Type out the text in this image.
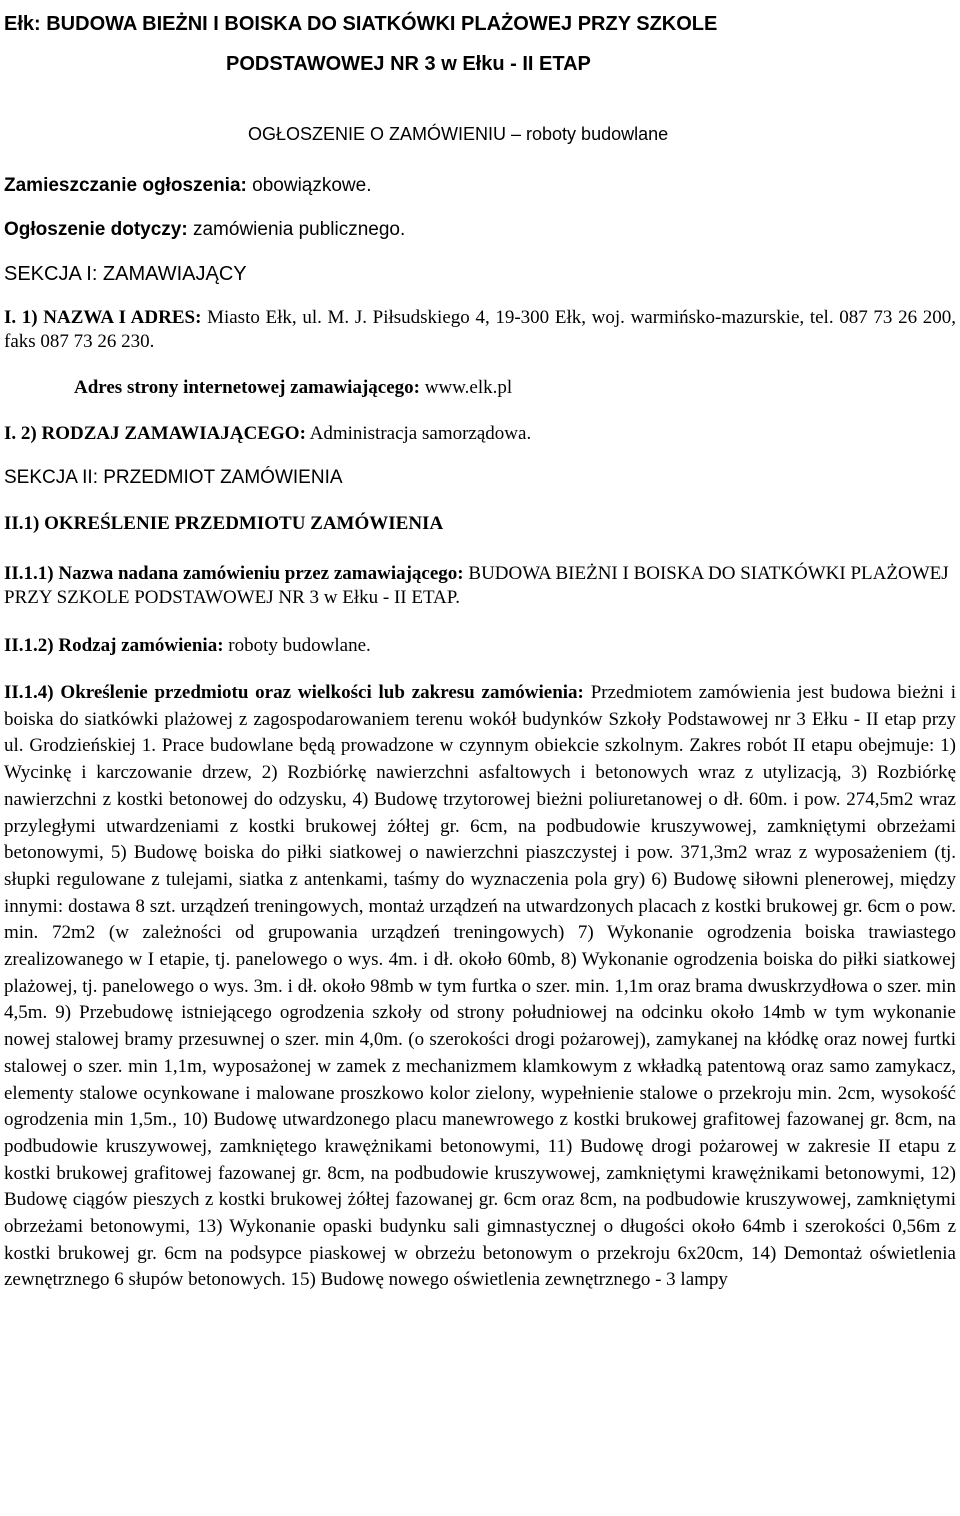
Ełk: BUDOWA BIEŻNI I BOISKA DO SIATKÓWKI PLAŻOWEJ PRZY SZKOLE
PODSTAWOWEJ NR 3 w Ełku - II ETAP

OGŁOSZENIE O ZAMÓWIENIU – roboty budowlane

Zamieszczanie ogłoszenia: obowiązkowe.

Ogłoszenie dotyczy: zamówienia publicznego.

SEKCJA I: ZAMAWIAJĄCY

I. 1) NAZWA I ADRES: Miasto Ełk, ul. M. J. Piłsudskiego 4, 19-300 Ełk, woj. warmińsko-mazurskie, tel. 087 73 26 200, faks 087 73 26 230.

Adres strony internetowej zamawiającego: www.elk.pl

I. 2) RODZAJ ZAMAWIAJĄCEGO: Administracja samorządowa.

SEKCJA II: PRZEDMIOT ZAMÓWIENIA

II.1) OKREŚLENIE PRZEDMIOTU ZAMÓWIENIA

II.1.1) Nazwa nadana zamówieniu przez zamawiającego: BUDOWA BIEŻNI I BOISKA DO SIATKÓWKI PLAŻOWEJ PRZY SZKOLE PODSTAWOWEJ NR 3 w Ełku - II ETAP.

II.1.2) Rodzaj zamówienia: roboty budowlane.

II.1.4) Określenie przedmiotu oraz wielkości lub zakresu zamówienia: Przedmiotem zamówienia jest budowa bieżni i boiska do siatkówki plażowej z zagospodarowaniem terenu wokół budynków Szkoły Podstawowej nr 3 Ełku - II etap przy ul. Grodzieńskiej 1. Prace budowlane będą prowadzone w czynnym obiekcie szkolnym. Zakres robót II etapu obejmuje: 1) Wycinkę i karczowanie drzew, 2) Rozbiórkę nawierzchni asfaltowych i betonowych wraz z utylizacją, 3) Rozbiórkę nawierzchni z kostki betonowej do odzysku, 4) Budowę trzytorowej bieżni poliuretanowej o dł. 60m. i pow. 274,5m2 wraz przyległymi utwardzeniami z kostki brukowej żółtej gr. 6cm, na podbudowie kruszywowej, zamkniętymi obrzeżami betonowymi, 5) Budowę boiska do piłki siatkowej o nawierzchni piaszczystej i pow. 371,3m2 wraz z wyposażeniem (tj. słupki regulowane z tulejami, siatka z antenkami, taśmy do wyznaczenia pola gry) 6) Budowę siłowni plenerowej, między innymi: dostawa 8 szt. urządzeń treningowych, montaż urządzeń na utwardzonych placach z kostki brukowej gr. 6cm o pow. min. 72m2 (w zależności od grupowania urządzeń treningowych) 7) Wykonanie ogrodzenia boiska trawiastego zrealizowanego w I etapie, tj. panelowego o wys. 4m. i dł. około 60mb, 8) Wykonanie ogrodzenia boiska do piłki siatkowej plażowej, tj. panelowego o wys. 3m. i dł. około 98mb w tym furtka o szer. min. 1,1m oraz brama dwuskrzydłowa o szer. min 4,5m. 9) Przebudowę istniejącego ogrodzenia szkoły od strony południowej na odcinku około 14mb w tym wykonanie nowej stalowej bramy przesuwnej o szer. min 4,0m. (o szerokości drogi pożarowej), zamykanej na kłódkę oraz nowej furtki stalowej o szer. min 1,1m, wyposażonej w zamek z mechanizmem klamkowym z wkładką patentową oraz samo zamykacz, elementy stalowe ocynkowane i malowane proszkowo kolor zielony, wypełnienie stalowe o przekroju min. 2cm, wysokość ogrodzenia min 1,5m., 10) Budowę utwardzonego placu manewrowego z kostki brukowej grafitowej fazowanej gr. 8cm, na podbudowie kruszywowej, zamkniętego krawężnikami betonowymi, 11) Budowę drogi pożarowej w zakresie II etapu z kostki brukowej grafitowej fazowanej gr. 8cm, na podbudowie kruszywowej, zamkniętymi krawężnikami betonowymi, 12) Budowę ciągów pieszych z kostki brukowej żółtej fazowanej gr. 6cm oraz 8cm, na podbudowie kruszywowej, zamkniętymi obrzeżami betonowymi, 13) Wykonanie opaski budynku sali gimnastycznej o długości około 64mb i szerokości 0,56m z kostki brukowej gr. 6cm na podsypce piaskowej w obrzeżu betonowym o przekroju 6x20cm, 14) Demontaż oświetlenia zewnętrznego 6 słupów betonowych. 15) Budowę nowego oświetlenia zewnętrznego - 3 lampy
